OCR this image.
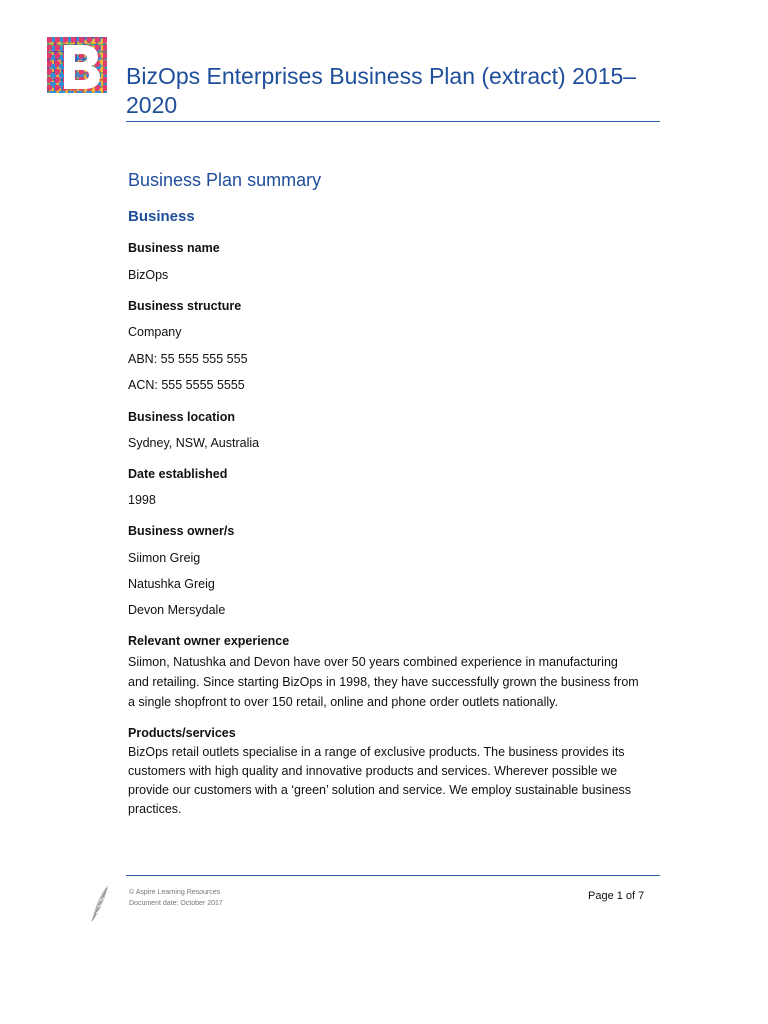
BizOps Enterprises Business Plan (extract) 2015–2020
Business Plan summary
Business

Business name

BizOps

Business structure

Company

ABN: 55 555 555 555

ACN: 555 5555 5555

Business location

Sydney, NSW, Australia

Date established

1998

Business owner/s

Siimon Greig

Natushka Greig

Devon Mersydale

Relevant owner experience

Siimon, Natushka and Devon have over 50 years combined experience in manufacturing

and retailing. Since starting BizOps in 1998, they have successfully grown the business from

a single shopfront to over 150 retail, online and phone order outlets nationally.

Products/services

BizOps retail outlets specialise in a range of exclusive products. The business provides its

customers with high quality and innovative products and services. Wherever possible we

provide our customers with a ‘green’ solution and service. We employ sustainable business

practices.

© Aspire Learning Resources
Document date: October 2017
Page 1 of 7
